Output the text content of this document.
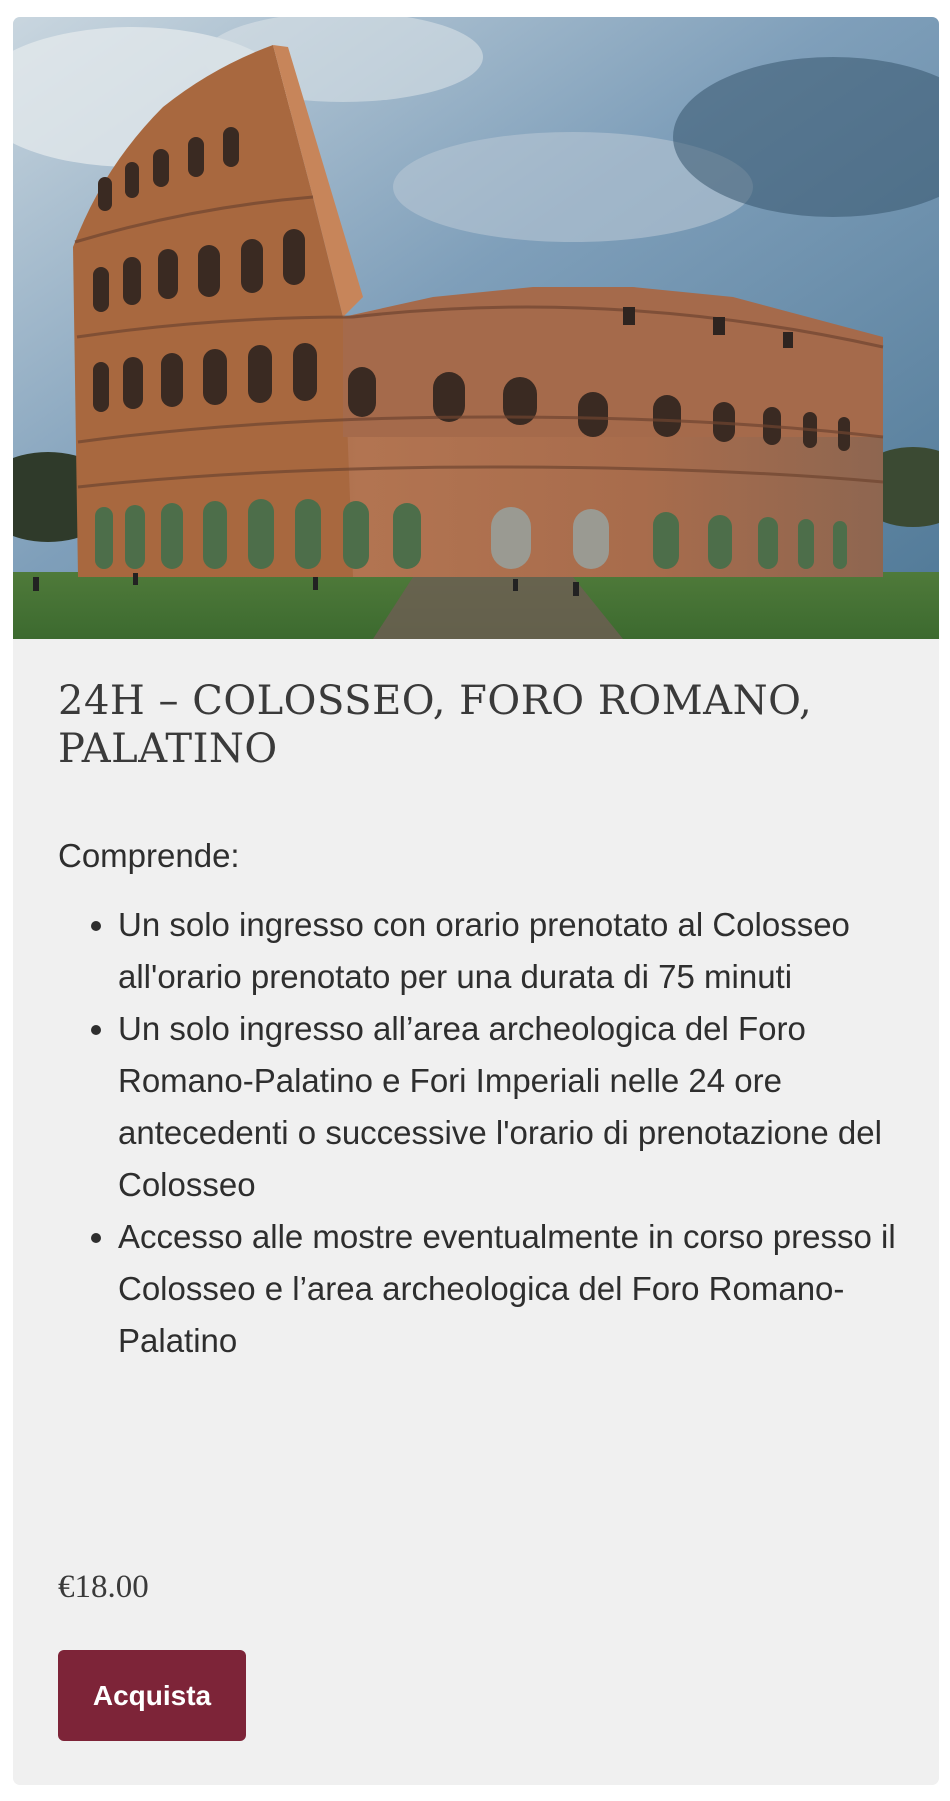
24H – COLOSSEO, FORO ROMANO, PALATINO

Comprende:

• Un solo ingresso con orario prenotato al Colosseo all'orario prenotato per una durata di 75 minuti
• Un solo ingresso all’area archeologica del Foro Romano-Palatino e Fori Imperiali nelle 24 ore antecedenti o successive l'orario di prenotazione del Colosseo
• Accesso alle mostre eventualmente in corso presso il Colosseo e l’area archeologica del Foro Romano-Palatino

€18.00

Acquista
